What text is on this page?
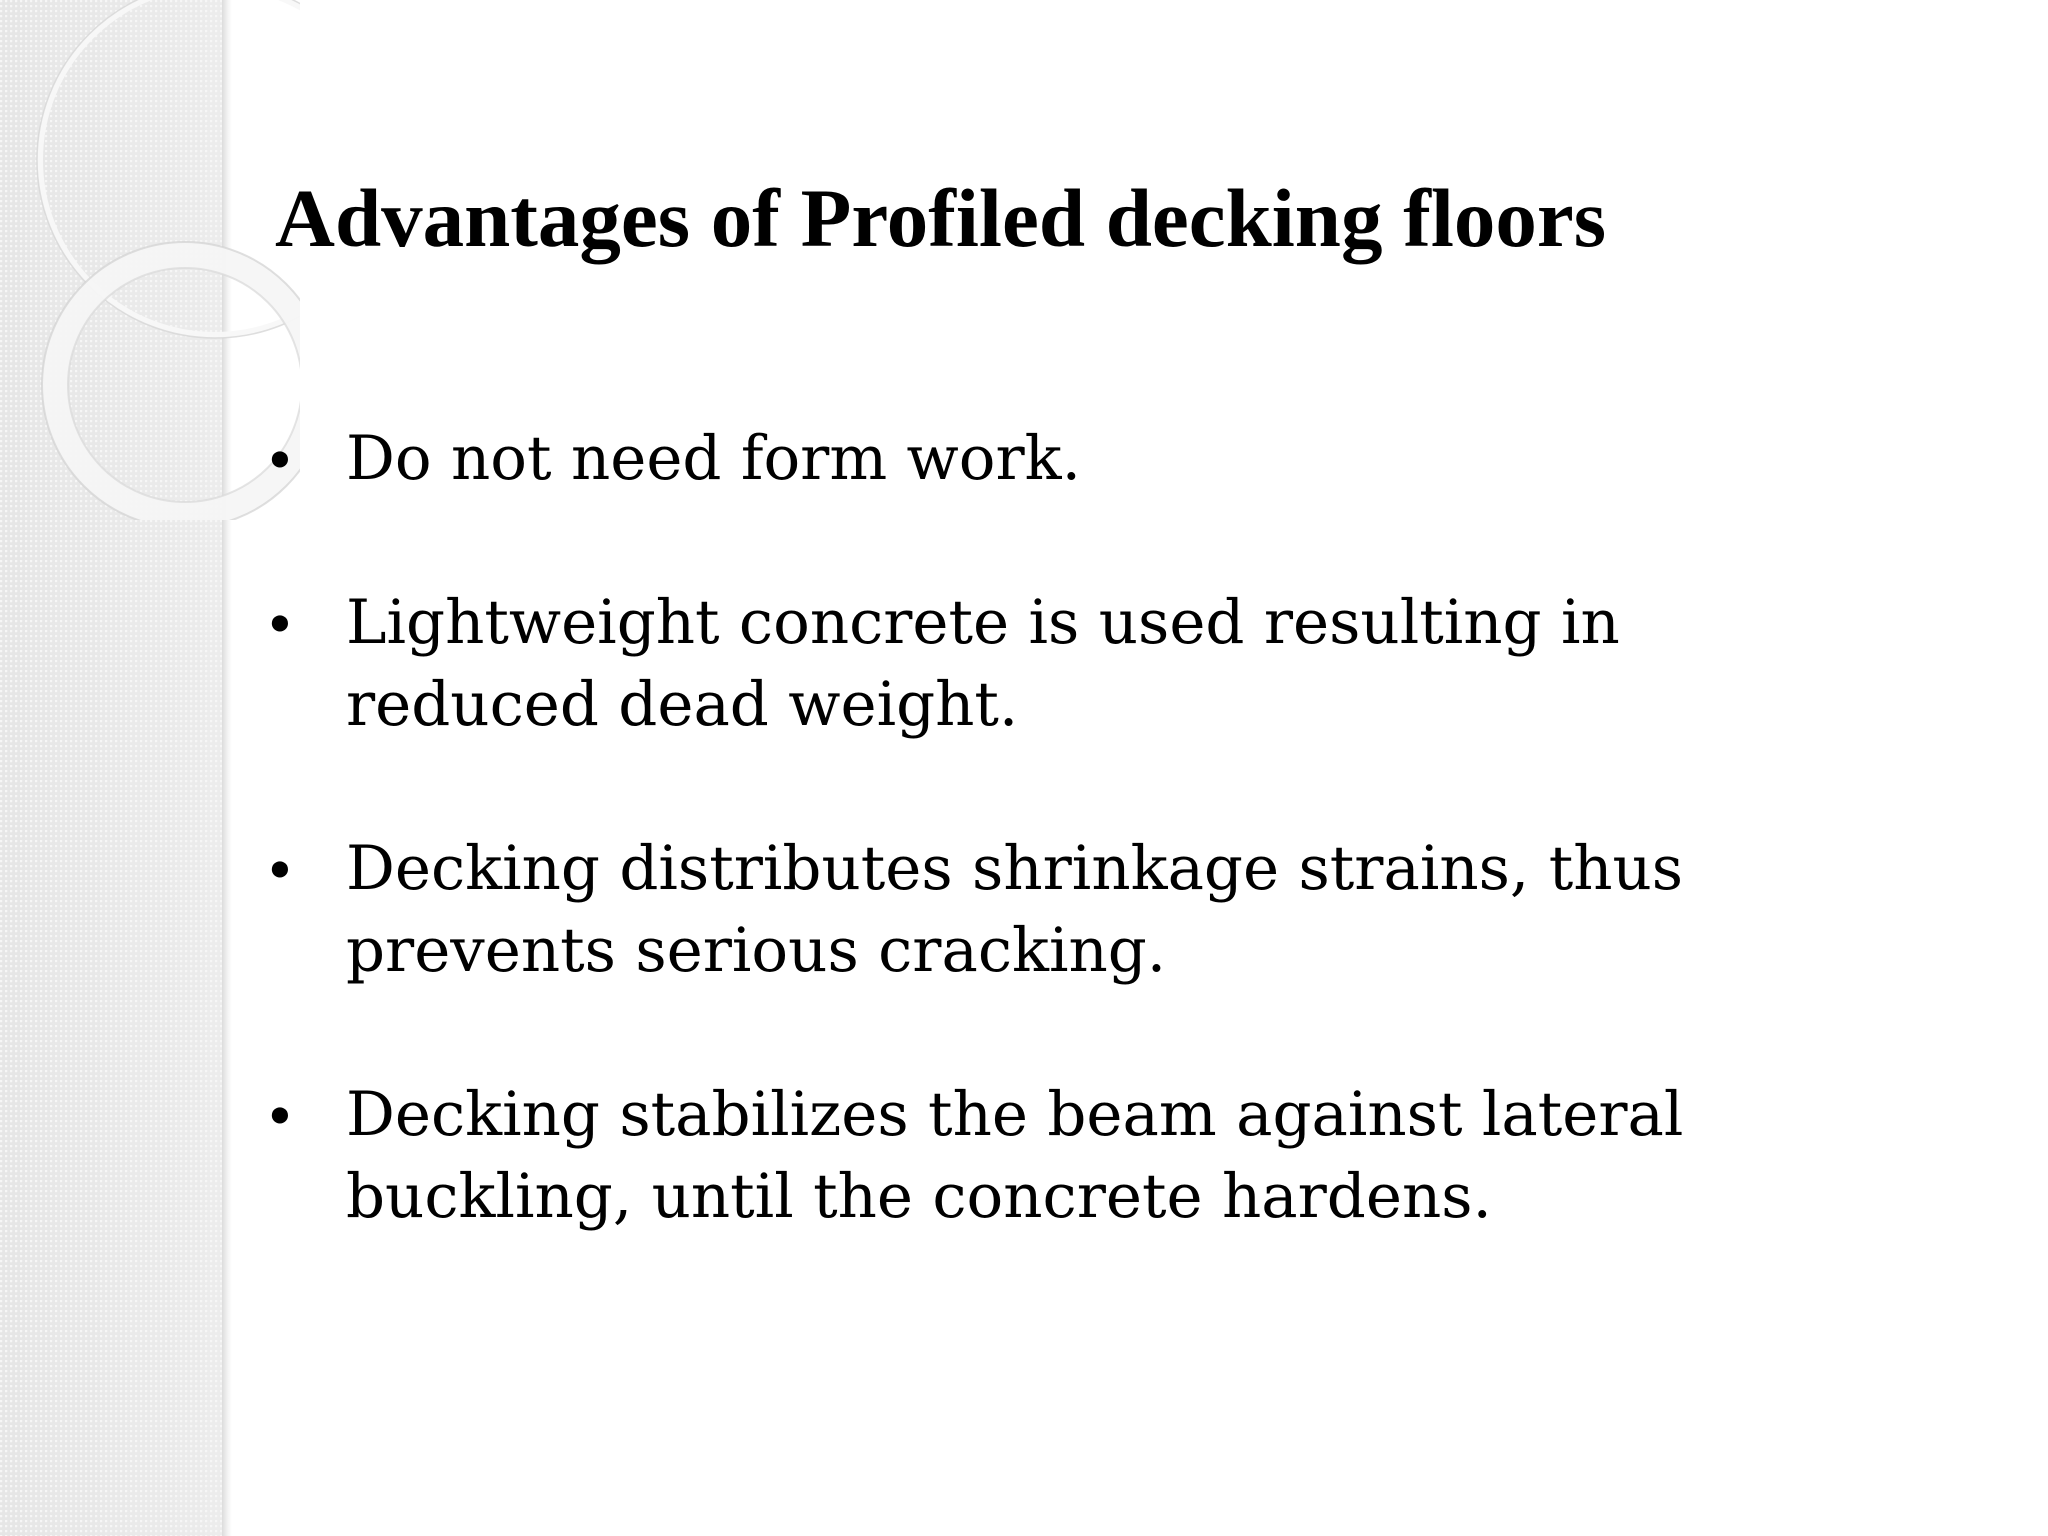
Advantages of Profiled decking floors
• Do not need form work.
• Lightweight concrete is used resulting in reduced dead weight.
• Decking distributes shrinkage strains, thus prevents serious cracking.
• Decking stabilizes the beam against lateral buckling, until the concrete hardens.
